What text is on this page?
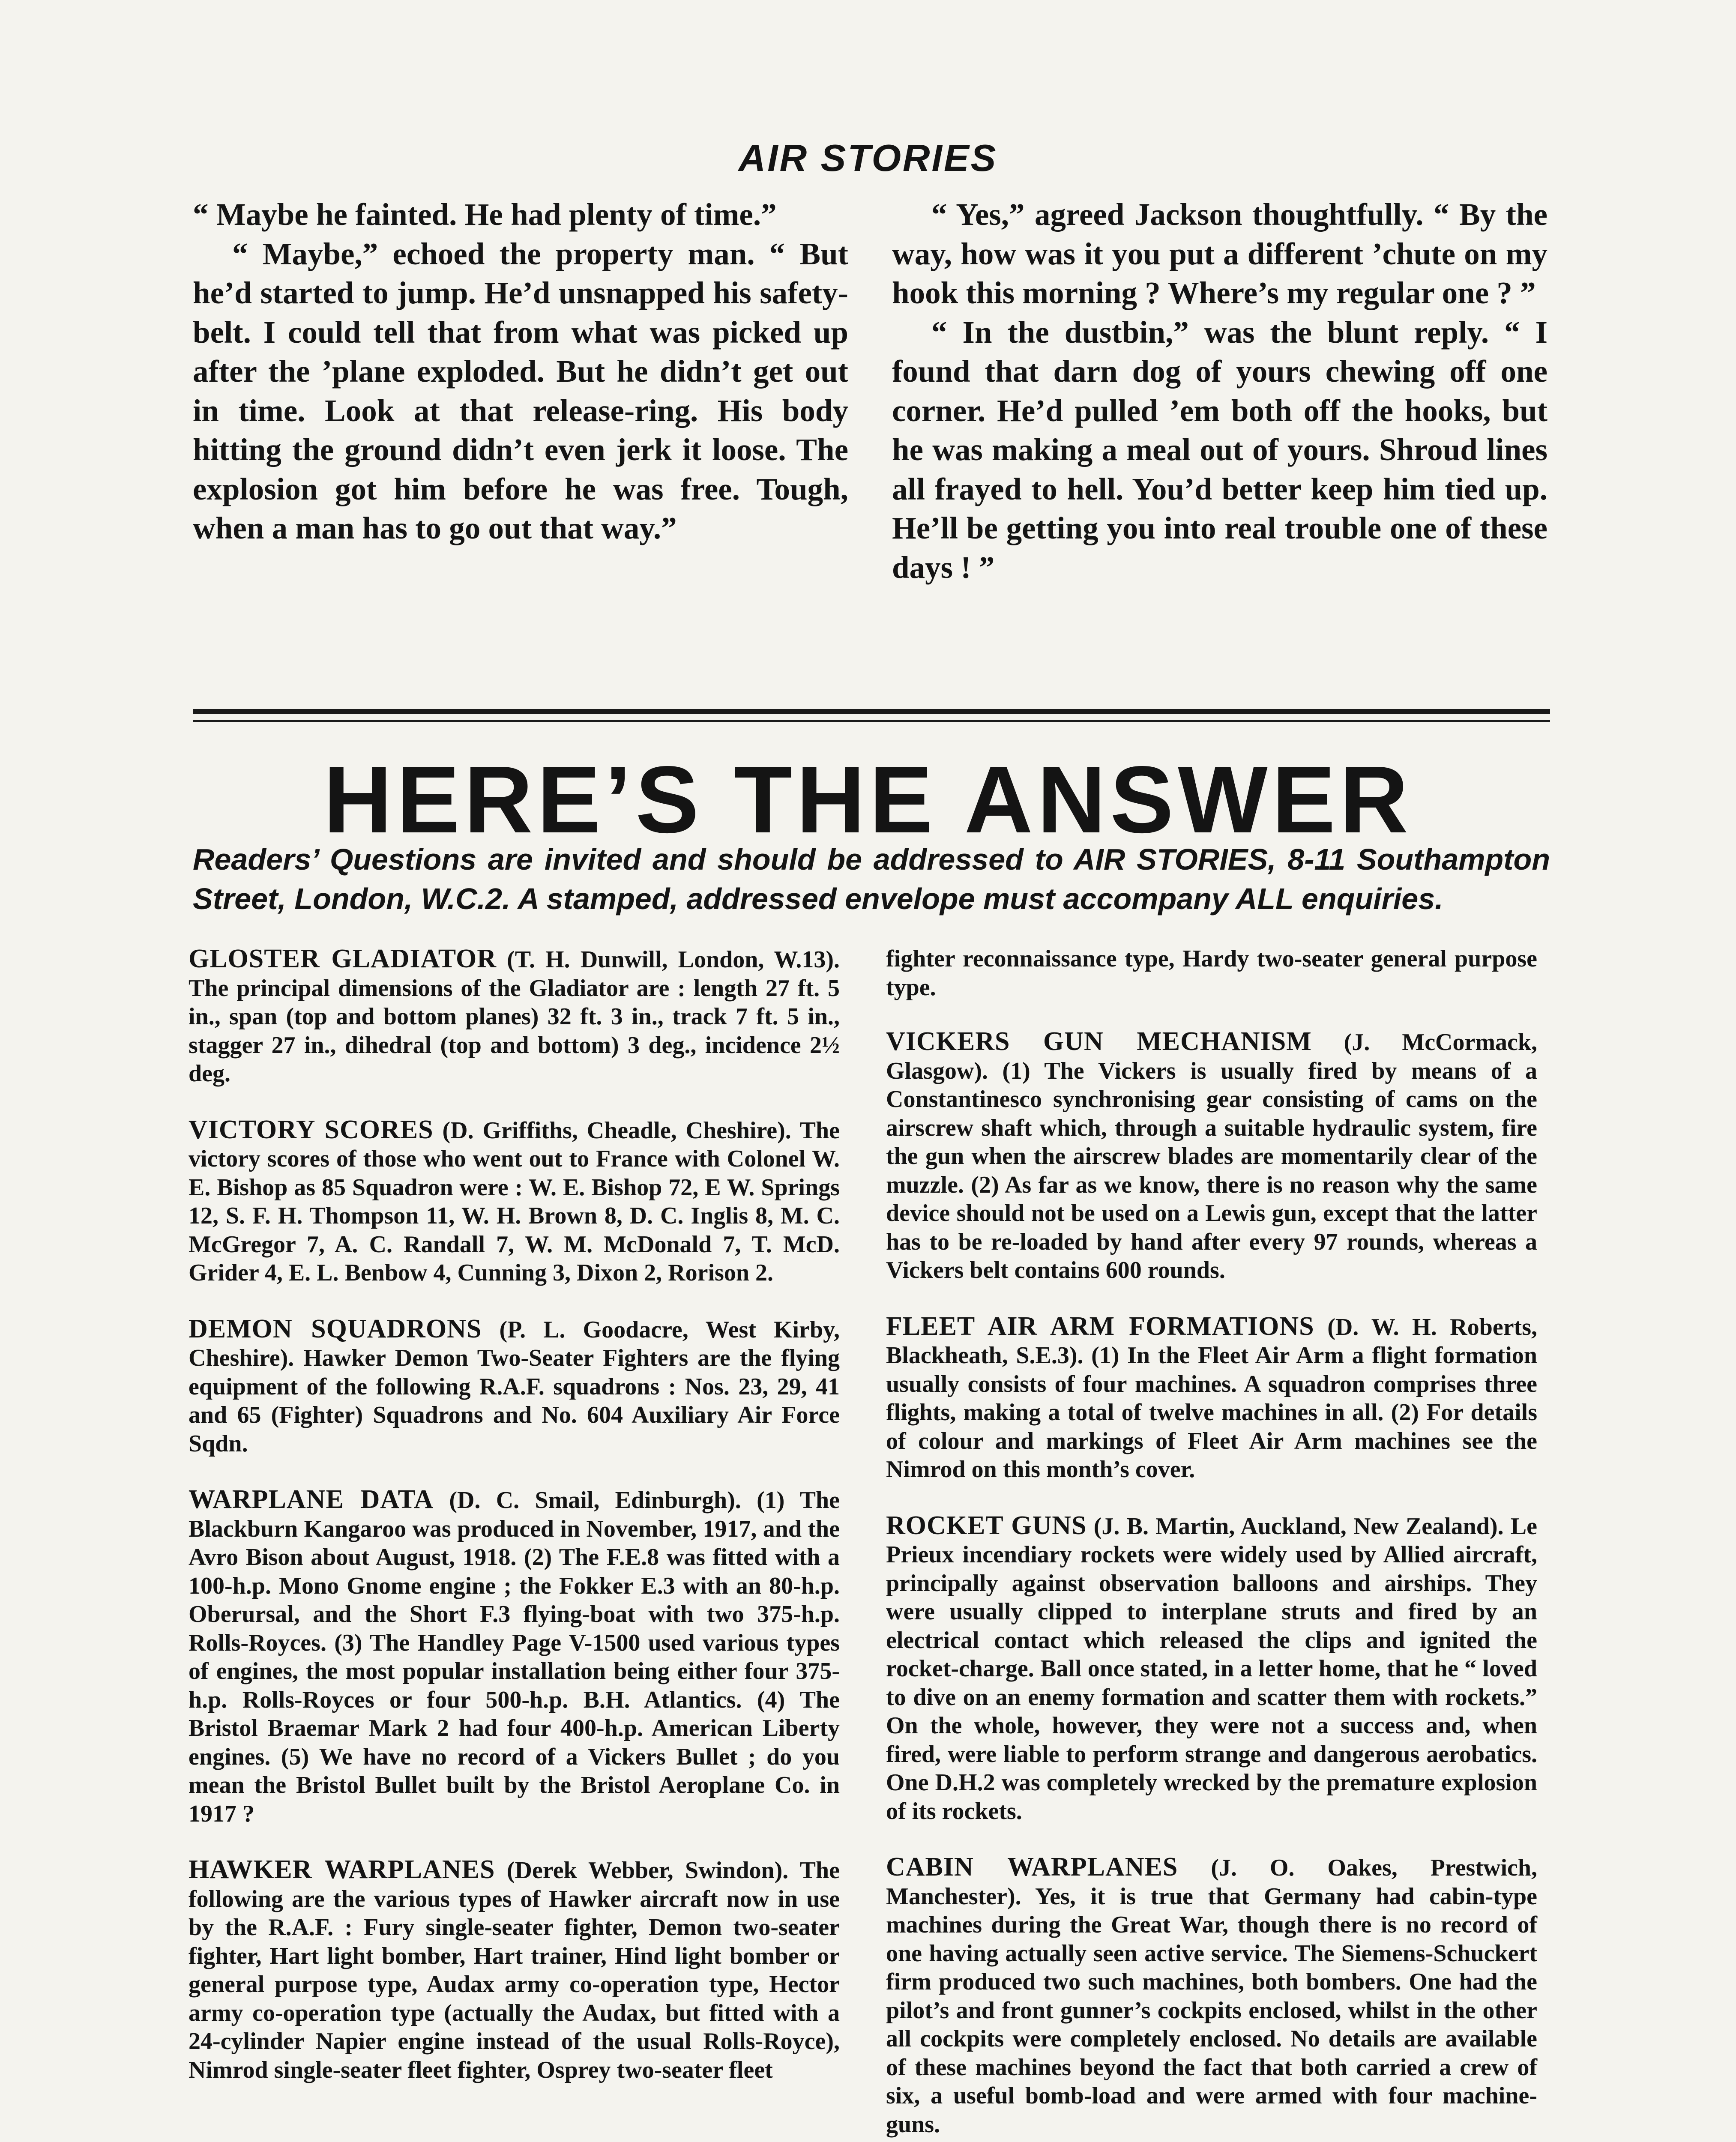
AIR STORIES

“ Maybe he fainted. He had plenty of time.”

“ Maybe,” echoed the property man. “ But he’d started to jump. He’d unsnapped his safety-belt. I could tell that from what was picked up after the ’plane exploded. But he didn’t get out in time. Look at that release-ring. His body hitting the ground didn’t even jerk it loose. The explosion got him before he was free. Tough, when a man has to go out that way.”

“ Yes,” agreed Jackson thoughtfully. “ By the way, how was it you put a different ’chute on my hook this morning ? Where’s my regular one ? ”

“ In the dustbin,” was the blunt reply. “ I found that darn dog of yours chewing off one corner. He’d pulled ’em both off the hooks, but he was making a meal out of yours. Shroud lines all frayed to hell. You’d better keep him tied up. He’ll be getting you into real trouble one of these days ! ”

HERE’S THE ANSWER
Readers’ Questions are invited and should be addressed to AIR STORIES, 8-11 Southampton Street, London, W.C.2. A stamped, addressed envelope must accompany ALL enquiries.
GLOSTER GLADIATOR (T. H. Dunwill, London, W.13). The principal dimensions of the Gladiator are : length 27 ft. 5 in., span (top and bottom planes) 32 ft. 3 in., track 7 ft. 5 in., stagger 27 in., dihedral (top and bottom) 3 deg., incidence 2½ deg.
VICTORY SCORES (D. Griffiths, Cheadle, Cheshire). The victory scores of those who went out to France with Colonel W. E. Bishop as 85 Squadron were : W. E. Bishop 72, E W. Springs 12, S. F. H. Thompson 11, W. H. Brown 8, D. C. Inglis 8, M. C. McGregor 7, A. C. Randall 7, W. M. McDonald 7, T. McD. Grider 4, E. L. Benbow 4, Cunning 3, Dixon 2, Rorison 2.
DEMON SQUADRONS (P. L. Goodacre, West Kirby, Cheshire). Hawker Demon Two-Seater Fighters are the flying equipment of the following R.A.F. squadrons : Nos. 23, 29, 41 and 65 (Fighter) Squadrons and No. 604 Auxiliary Air Force Sqdn.
WARPLANE DATA (D. C. Smail, Edinburgh). (1) The Blackburn Kangaroo was produced in November, 1917, and the Avro Bison about August, 1918. (2) The F.E.8 was fitted with a 100-h.p. Mono Gnome engine ; the Fokker E.3 with an 80-h.p. Oberursal, and the Short F.3 flying-boat with two 375-h.p. Rolls-Royces. (3) The Handley Page V-1500 used various types of engines, the most popular installation being either four 375-h.p. Rolls-Royces or four 500-h.p. B.H. Atlantics. (4) The Bristol Braemar Mark 2 had four 400-h.p. American Liberty engines. (5) We have no record of a Vickers Bullet ; do you mean the Bristol Bullet built by the Bristol Aeroplane Co. in 1917 ?
HAWKER WARPLANES (Derek Webber, Swindon). The following are the various types of Hawker aircraft now in use by the R.A.F. : Fury single-seater fighter, Demon two-seater fighter, Hart light bomber, Hart trainer, Hind light bomber or general purpose type, Audax army co-operation type, Hector army co-operation type (actually the Audax, but fitted with a 24-cylinder Napier engine instead of the usual Rolls-Royce), Nimrod single-seater fleet fighter, Osprey two-seater fleet
fighter reconnaissance type, Hardy two-seater general purpose type.
VICKERS GUN MECHANISM (J. McCormack, Glasgow). (1) The Vickers is usually fired by means of a Constantinesco synchronising gear consisting of cams on the airscrew shaft which, through a suitable hydraulic system, fire the gun when the airscrew blades are momentarily clear of the muzzle. (2) As far as we know, there is no reason why the same device should not be used on a Lewis gun, except that the latter has to be re-loaded by hand after every 97 rounds, whereas a Vickers belt contains 600 rounds.
FLEET AIR ARM FORMATIONS (D. W. H. Roberts, Blackheath, S.E.3). (1) In the Fleet Air Arm a flight formation usually consists of four machines. A squadron comprises three flights, making a total of twelve machines in all. (2) For details of colour and markings of Fleet Air Arm machines see the Nimrod on this month’s cover.
ROCKET GUNS (J. B. Martin, Auckland, New Zealand). Le Prieux incendiary rockets were widely used by Allied aircraft, principally against observation balloons and airships. They were usually clipped to interplane struts and fired by an electrical contact which released the clips and ignited the rocket-charge. Ball once stated, in a letter home, that he “ loved to dive on an enemy formation and scatter them with rockets.” On the whole, however, they were not a success and, when fired, were liable to perform strange and dangerous aerobatics. One D.H.2 was completely wrecked by the premature explosion of its rockets.
CABIN WARPLANES (J. O. Oakes, Prestwich, Manchester). Yes, it is true that Germany had cabin-type machines during the Great War, though there is no record of one having actually seen active service. The Siemens-Schuckert firm produced two such machines, both bombers. One had the pilot’s and front gunner’s cockpits enclosed, whilst in the other all cockpits were completely enclosed. No details are available of these machines beyond the fact that both carried a crew of six, a useful bomb-load and were armed with four machine-guns.
